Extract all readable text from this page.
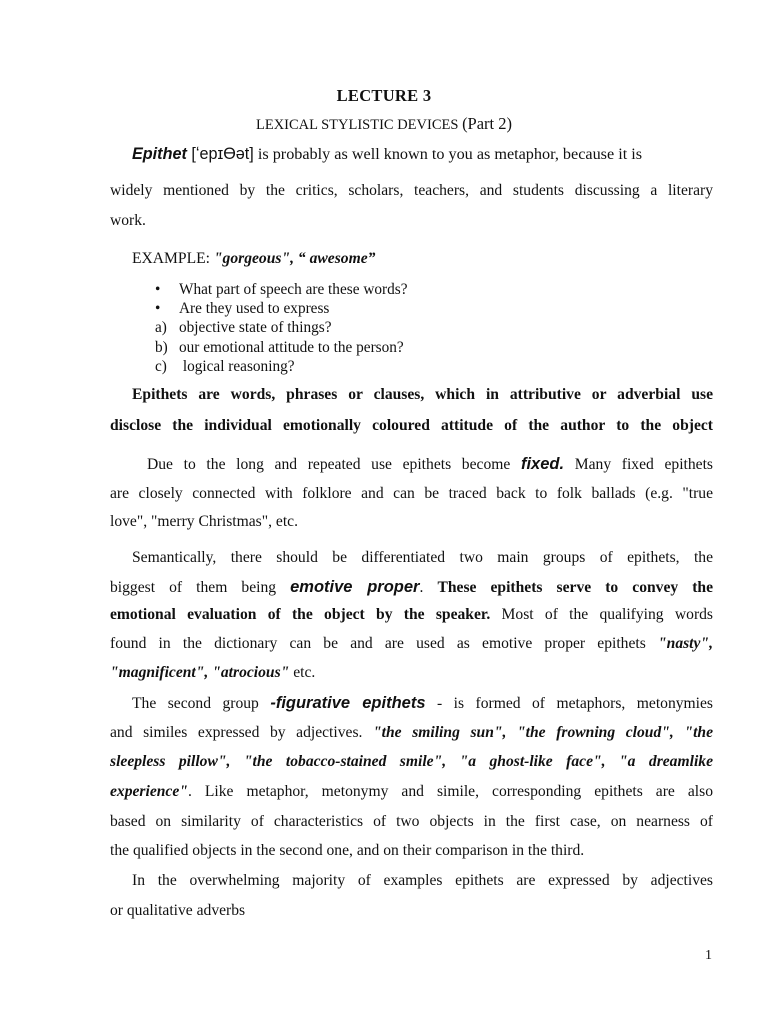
LECTURE 3
LEXICAL STYLISTIC DEVICES (Part 2)
Epithet [ʻepɪƟət] is probably as well known to you as metaphor, because it is
widely mentioned by the critics, scholars, teachers, and students discussing a literary
work.
EXAMPLE: "gorgeous", “ awesome”
• What part of speech are these words?
• Are they used to express
a) objective state of things?
b) our emotional attitude to the person?
c) logical reasoning?
Epithets are words, phrases or clauses, which in attributive or adverbial use
disclose the individual emotionally coloured attitude of the author to the object
Due to the long and repeated use epithets become fixed. Many fixed epithets
are closely connected with folklore and can be traced back to folk ballads (e.g. "true
love", "merry Christmas", etc.
Semantically, there should be differentiated two main groups of epithets, the
biggest of them being emotive proper. These epithets serve to convey the
emotional evaluation of the object by the speaker. Most of the qualifying words
found in the dictionary can be and are used as emotive proper epithets "nasty",
"magnificent", "atrocious" etc.
The second group -figurative epithets - is formed of metaphors, metonymies
and similes expressed by adjectives. "the smiling sun", "the frowning cloud", "the
sleepless pillow", "the tobacco-stained smile", "a ghost-like face", "a dreamlike
experience". Like metaphor, metonymy and simile, corresponding epithets are also
based on similarity of characteristics of two objects in the first case, on nearness of
the qualified objects in the second one, and on their comparison in the third.
In the overwhelming majority of examples epithets are expressed by adjectives
or qualitative adverbs
1
